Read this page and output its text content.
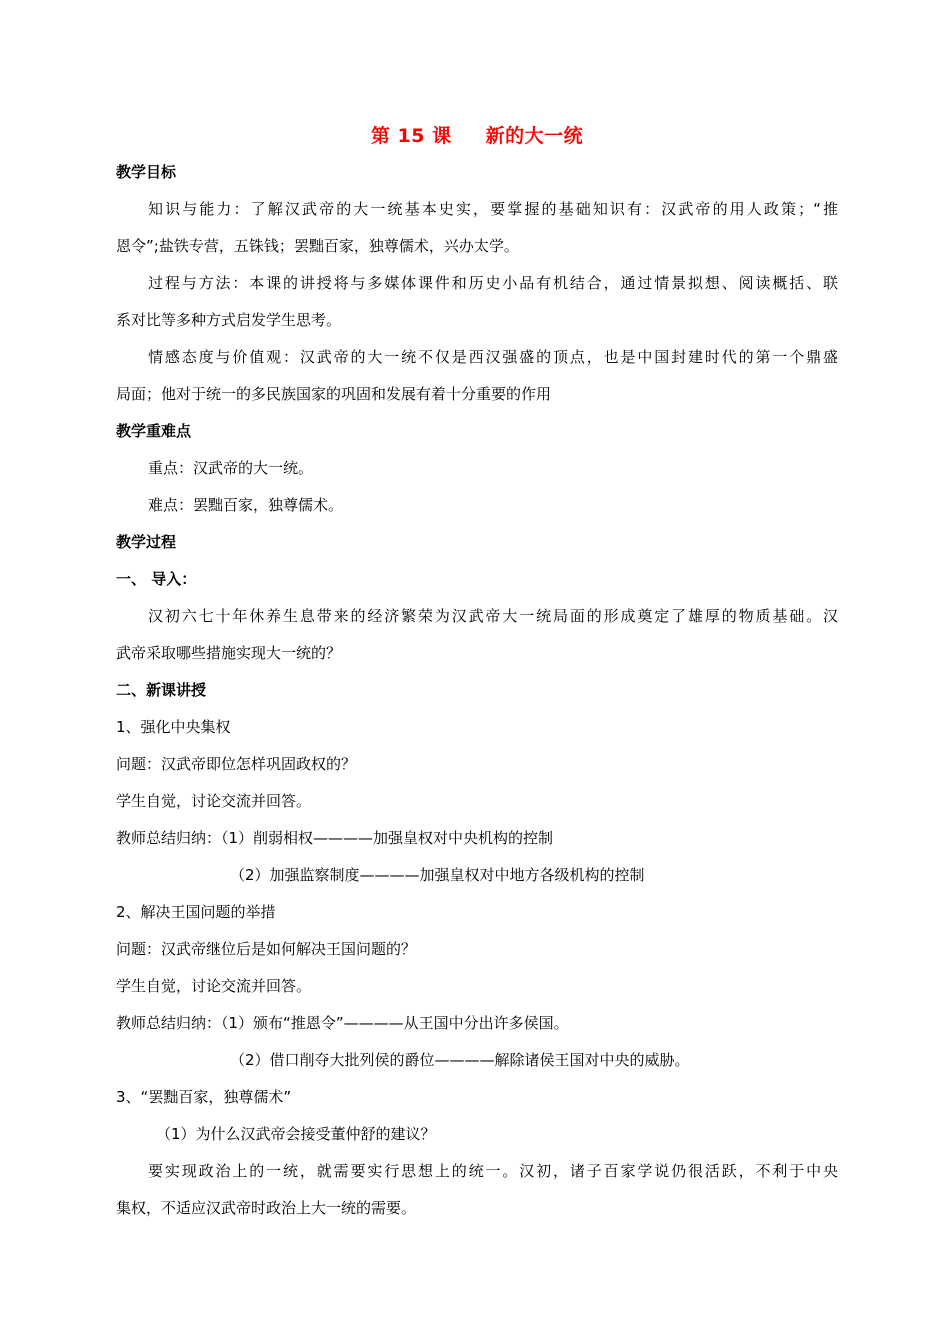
第 15 课 新的大一统
教学目标
知识与能力：了解汉武帝的大一统基本史实，要掌握的基础知识有：汉武帝的用人政策；“推
恩令”;盐铁专营，五铢钱；罢黜百家，独尊儒术，兴办太学。
过程与方法：本课的讲授将与多媒体课件和历史小品有机结合，通过情景拟想、阅读概括、联
系对比等多种方式启发学生思考。
情感态度与价值观：汉武帝的大一统不仅是西汉强盛的顶点，也是中国封建时代的第一个鼎盛
局面；他对于统一的多民族国家的巩固和发展有着十分重要的作用
教学重难点
重点：汉武帝的大一统。
难点：罢黜百家，独尊儒术。
教学过程
一、 导入：
汉初六七十年休养生息带来的经济繁荣为汉武帝大一统局面的形成奠定了雄厚的物质基础。汉
武帝采取哪些措施实现大一统的？
二、新课讲授
1、强化中央集权
问题：汉武帝即位怎样巩固政权的？
学生自觉，讨论交流并回答。
教师总结归纳：（1）削弱相权————加强皇权对中央机构的控制
（2）加强监察制度————加强皇权对中地方各级机构的控制
2、解决王国问题的举措
问题：汉武帝继位后是如何解决王国问题的？
学生自觉，讨论交流并回答。
教师总结归纳：（1）颁布“推恩令”————从王国中分出许多侯国。
（2）借口削夺大批列侯的爵位————解除诸侯王国对中央的威胁。
3、“罢黜百家，独尊儒术”
（1）为什么汉武帝会接受董仲舒的建议？
要实现政治上的一统，就需要实行思想上的统一。汉初，诸子百家学说仍很活跃，不利于中央
集权，不适应汉武帝时政治上大一统的需要。
